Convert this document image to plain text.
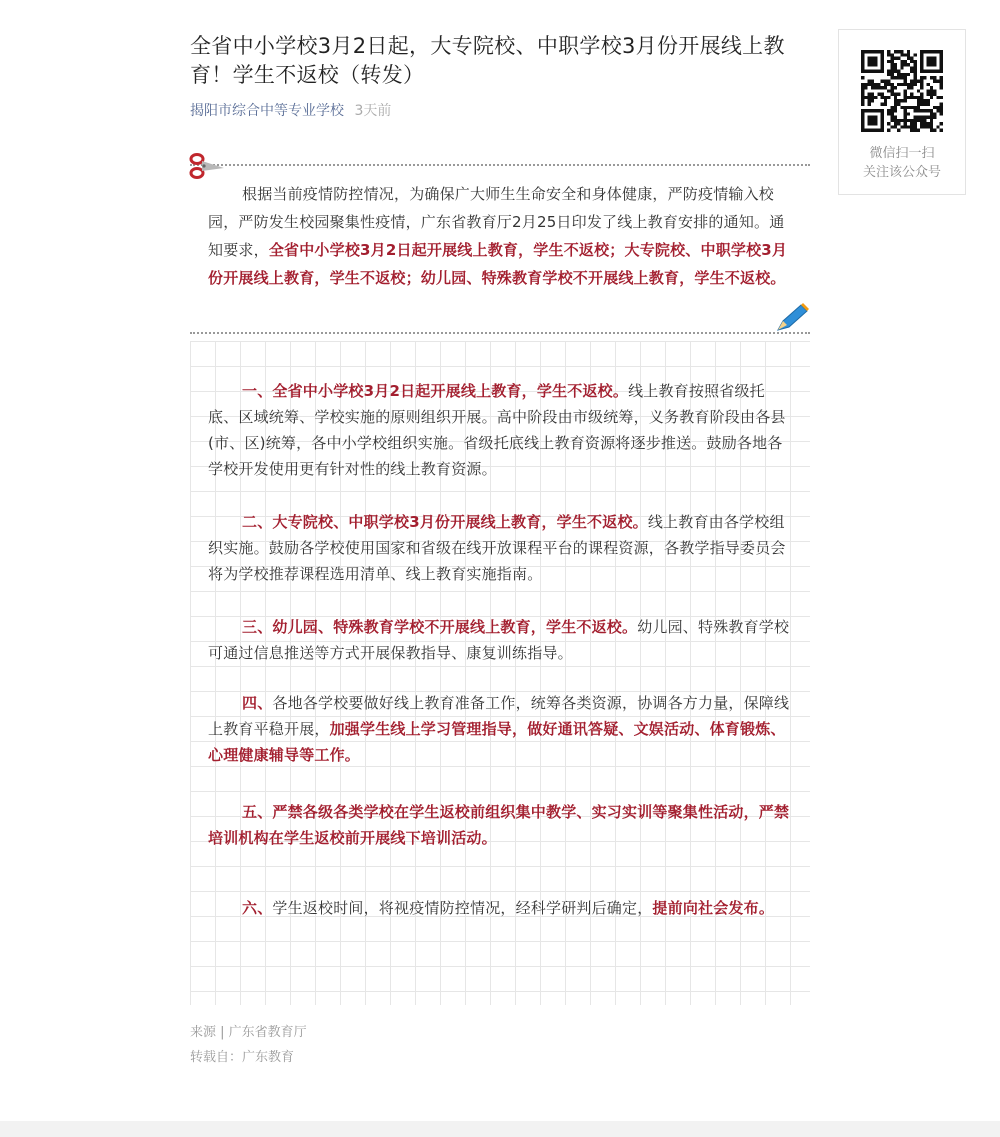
全省中小学校3月2日起，大专院校、中职学校3月份开展线上教育！学生不返校（转发）
揭阳市综合中等专业学校 3天前

根据当前疫情防控情况，为确保广大师生生命安全和身体健康，严防疫情输入校园，严防发生校园聚集性疫情，广东省教育厅2月25日印发了线上教育安排的通知。通知要求，全省中小学校3月2日起开展线上教育，学生不返校；大专院校、中职学校3月份开展线上教育，学生不返校；幼儿园、特殊教育学校不开展线上教育，学生不返校。

一、全省中小学校3月2日起开展线上教育，学生不返校。线上教育按照省级托底、区域统筹、学校实施的原则组织开展。高中阶段由市级统筹，义务教育阶段由各县(市、区)统筹，各中小学校组织实施。省级托底线上教育资源将逐步推送。鼓励各地各学校开发使用更有针对性的线上教育资源。

二、大专院校、中职学校3月份开展线上教育，学生不返校。线上教育由各学校组织实施。鼓励各学校使用国家和省级在线开放课程平台的课程资源，各教学指导委员会将为学校推荐课程选用清单、线上教育实施指南。

三、幼儿园、特殊教育学校不开展线上教育，学生不返校。幼儿园、特殊教育学校可通过信息推送等方式开展保教指导、康复训练指导。

四、各地各学校要做好线上教育准备工作，统筹各类资源，协调各方力量，保障线上教育平稳开展，加强学生线上学习管理指导，做好通讯答疑、文娱活动、体育锻炼、心理健康辅导等工作。

五、严禁各级各类学校在学生返校前组织集中教学、实习实训等聚集性活动，严禁培训机构在学生返校前开展线下培训活动。

六、学生返校时间，将视疫情防控情况，经科学研判后确定，提前向社会发布。

来源 | 广东省教育厅
转载自：广东教育
微信扫一扫
关注该公众号
